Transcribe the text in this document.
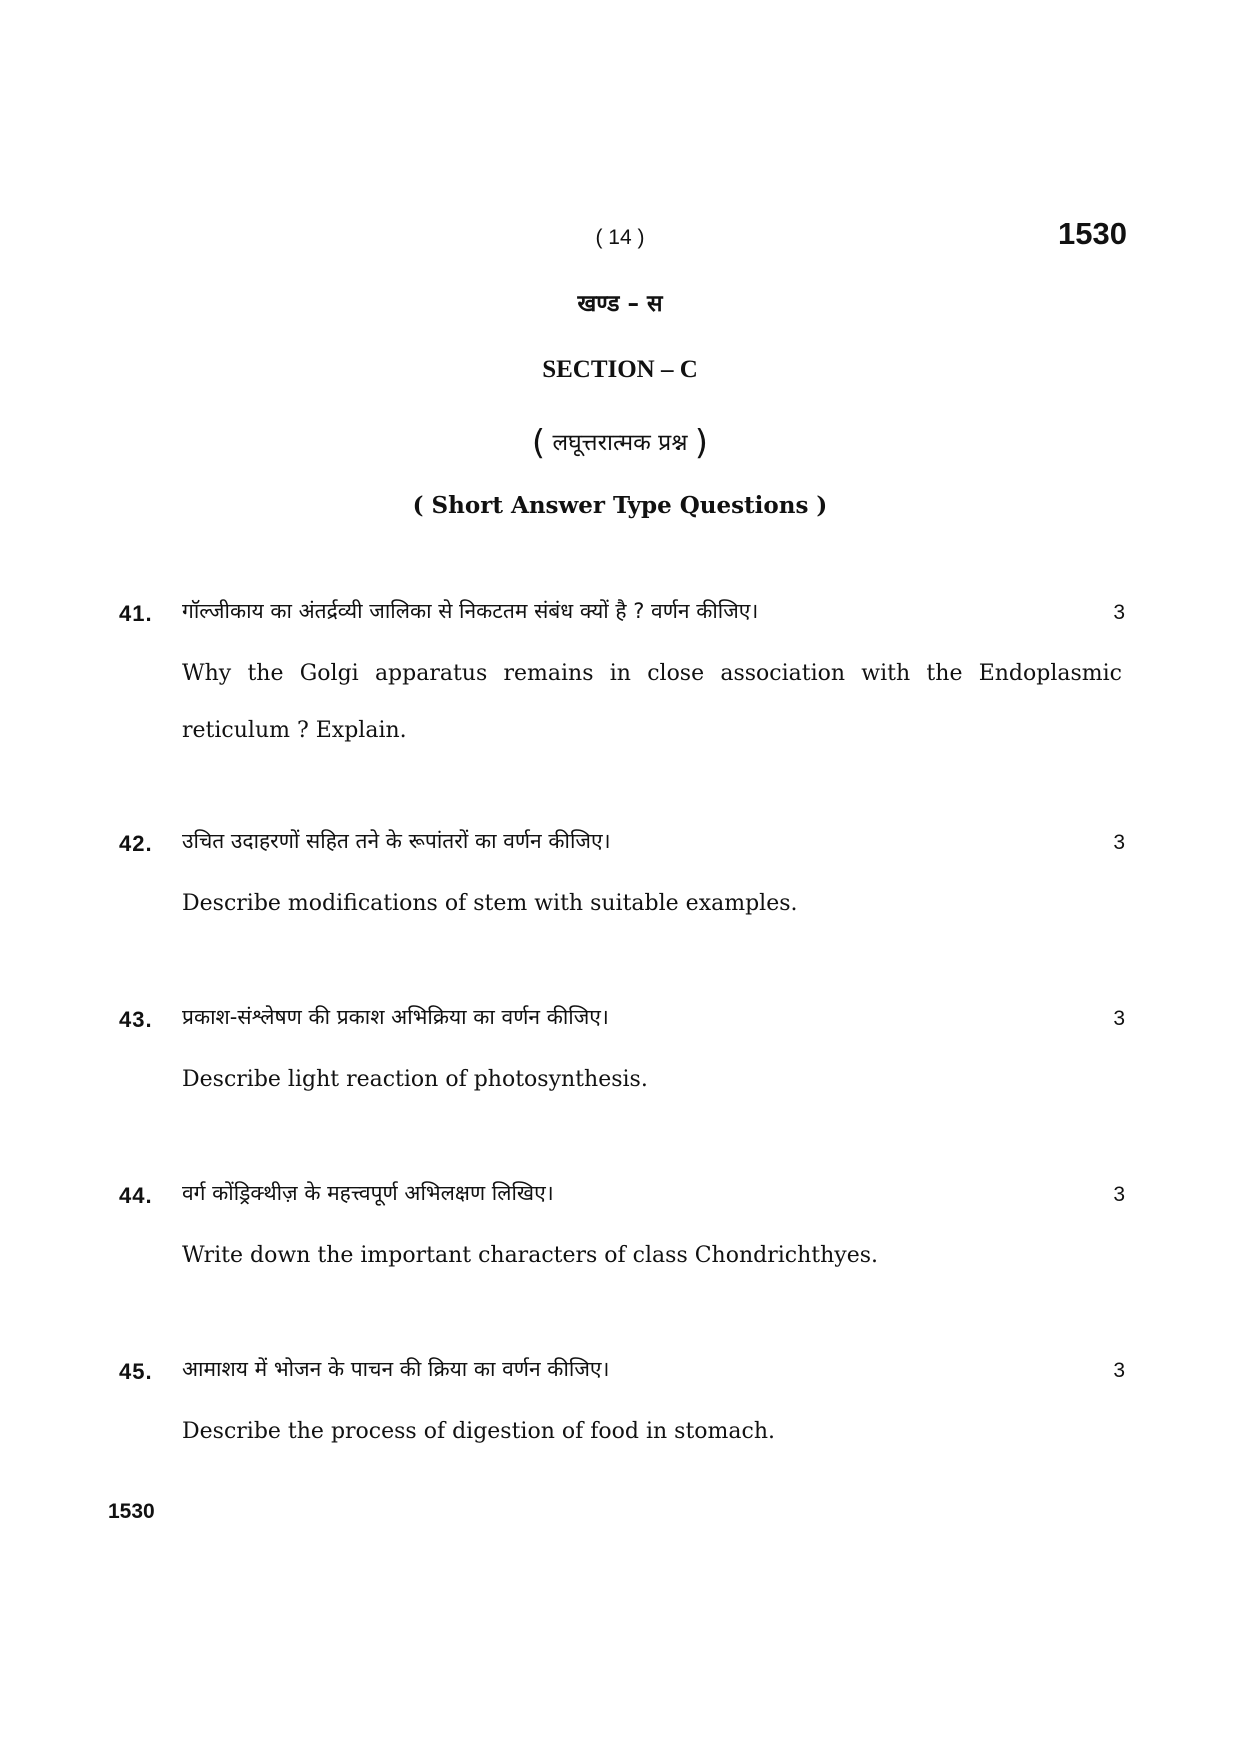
( 14 )	1530
खण्ड – स
SECTION – C
( लघूत्तरात्मक प्रश्न )
( Short Answer Type Questions )
41. गॉल्जीकाय का अंतर्द्रव्यी जालिका से निकटतम संबंध क्यों है ? वर्णन कीजिए।	3
Why the Golgi apparatus remains in close association with the Endoplasmic reticulum ? Explain.
42. उचित उदाहरणों सहित तने के रूपांतरों का वर्णन कीजिए।	3
Describe modifications of stem with suitable examples.
43. प्रकाश-संश्लेषण की प्रकाश अभिक्रिया का वर्णन कीजिए।	3
Describe light reaction of photosynthesis.
44. वर्ग कोंड्रिक्थीज़ के महत्त्वपूर्ण अभिलक्षण लिखिए।	3
Write down the important characters of class Chondrichthyes.
45. आमाशय में भोजन के पाचन की क्रिया का वर्णन कीजिए।	3
Describe the process of digestion of food in stomach.
1530
